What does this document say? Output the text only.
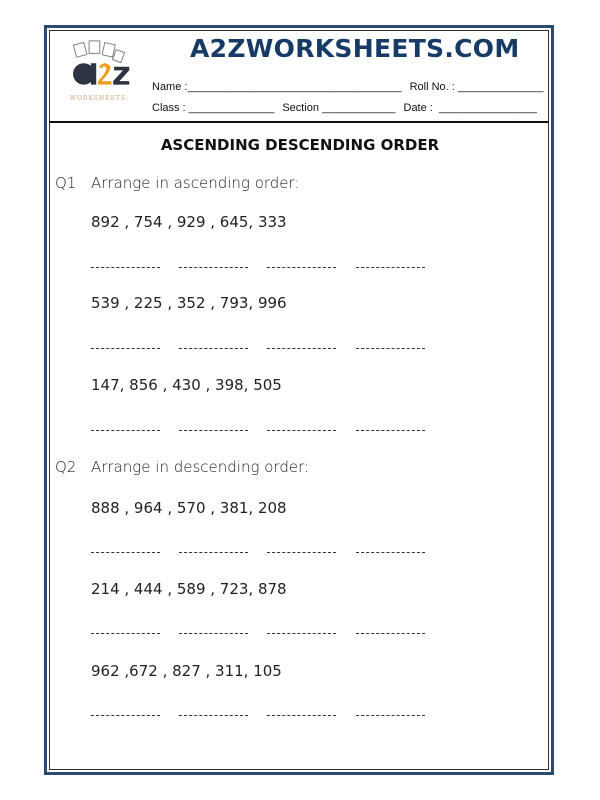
WORKSHEETS
A2ZWORKSHEETS.COM
Name :___________________________________ Roll No. : ______________
Class : ______________ Section ____________ Date :  ________________
ASCENDING DESCENDING ORDER
Q1 Arrange in ascending order:
892 , 754 , 929 , 645, 333
539 , 225 , 352 , 793, 996
147, 856 , 430 , 398, 505
Q2 Arrange in descending order:
888 , 964 , 570 , 381, 208
214 , 444 , 589 , 723, 878
962 ,672 , 827 , 311, 105
